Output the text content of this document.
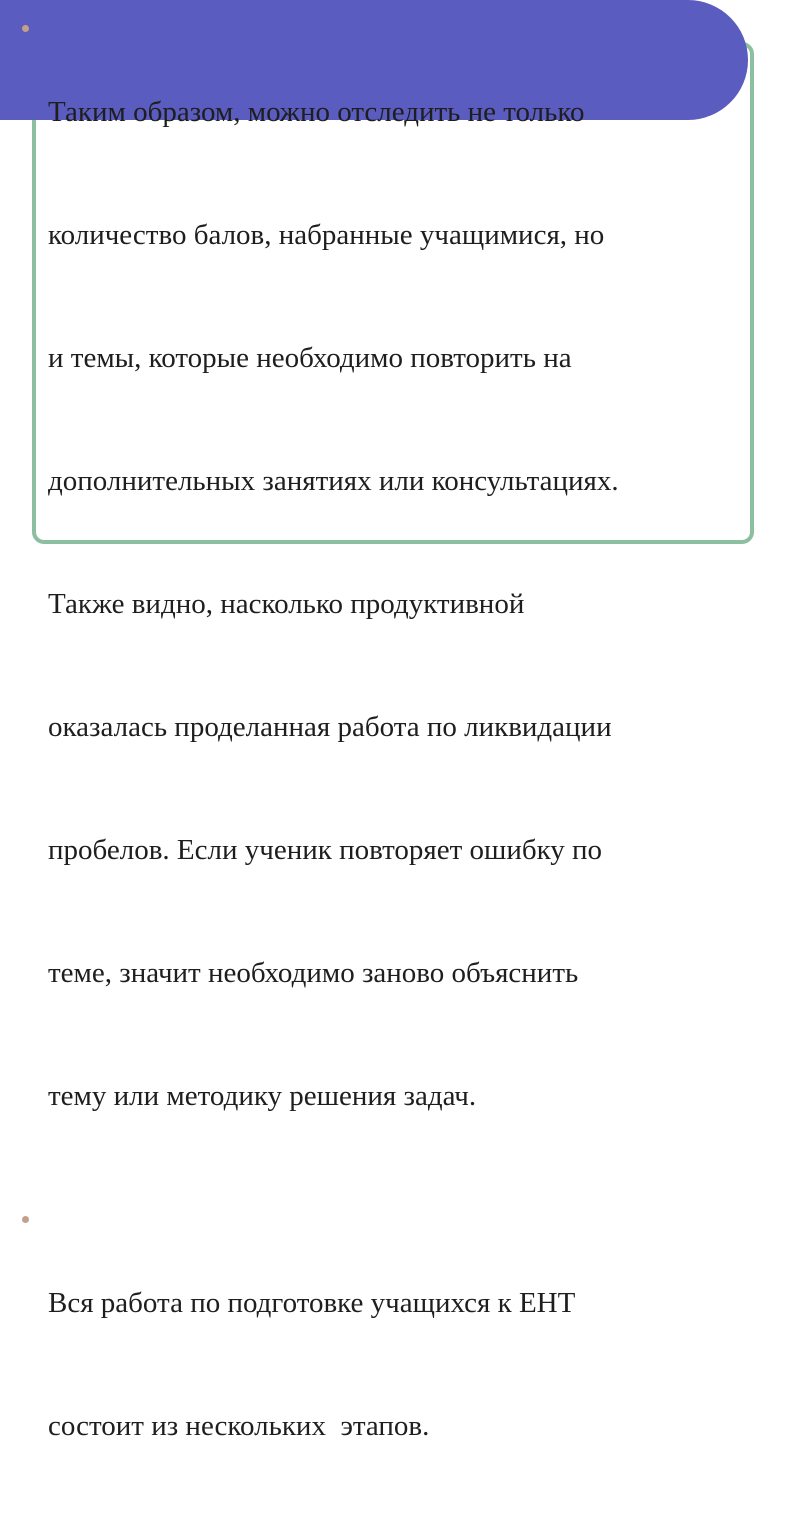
Таким образом, можно отследить не только

количество балов, набранные учащимися, но

и темы, которые необходимо повторить на

дополнительных занятиях или консультациях.

Также видно, насколько продуктивной

оказалась проделанная работа по ликвидации

пробелов. Если ученик повторяет ошибку по

теме, значит необходимо заново объяснить

тему или методику решения задач.

Вся работа по подготовке учащихся к ЕНТ

состоит из нескольких  этапов.
